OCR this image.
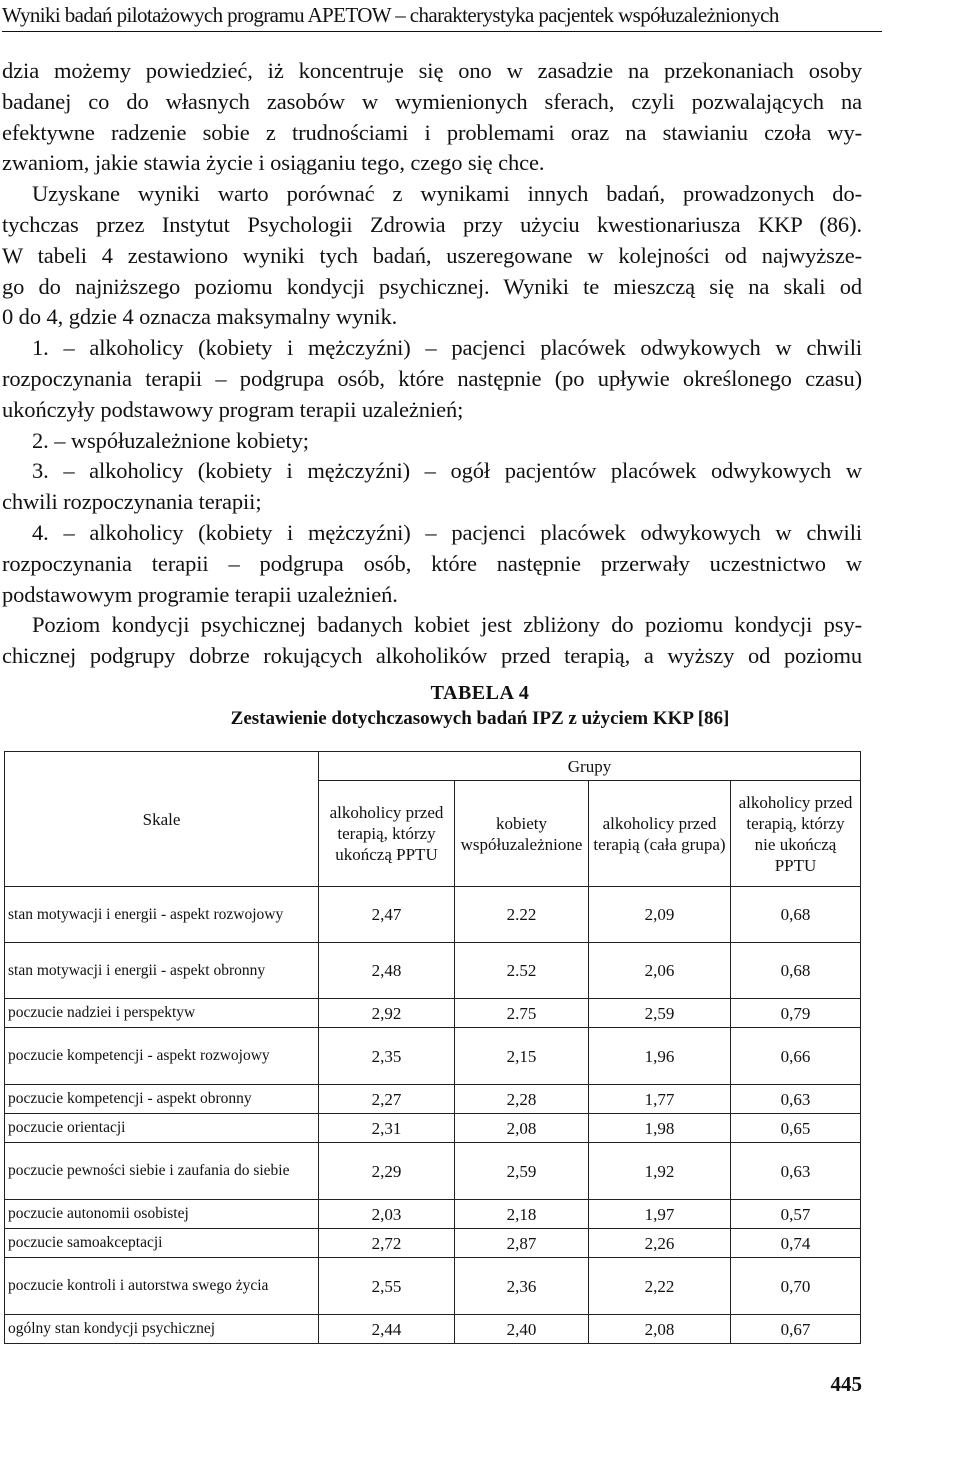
Wyniki badań pilotażowych programu APETOW – charakterystyka pacjentek współuzależnionych
dzia możemy powiedzieć, iż koncentruje się ono w zasadzie na przekonaniach osoby
badanej co do własnych zasobów w wymienionych sferach, czyli pozwalających na
efektywne radzenie sobie z trudnościami i problemami oraz na stawianiu czoła wy-
zwaniom, jakie stawia życie i osiąganiu tego, czego się chce.
Uzyskane wyniki warto porównać z wynikami innych badań, prowadzonych do-
tychczas przez Instytut Psychologii Zdrowia przy użyciu kwestionariusza KKP (86).
W tabeli 4 zestawiono wyniki tych badań, uszeregowane w kolejności od najwyższe-
go do najniższego poziomu kondycji psychicznej. Wyniki te mieszczą się na skali od
0 do 4, gdzie 4 oznacza maksymalny wynik.
1. – alkoholicy (kobiety i mężczyźni) – pacjenci placówek odwykowych w chwili
rozpoczynania terapii – podgrupa osób, które następnie (po upływie określonego czasu)
ukończyły podstawowy program terapii uzależnień;
2. – współuzależnione kobiety;
3. – alkoholicy (kobiety i mężczyźni) – ogół pacjentów placówek odwykowych w
chwili rozpoczynania terapii;
4. – alkoholicy (kobiety i mężczyźni) – pacjenci placówek odwykowych w chwili
rozpoczynania terapii – podgrupa osób, które następnie przerwały uczestnictwo w
podstawowym programie terapii uzależnień.
Poziom kondycji psychicznej badanych kobiet jest zbliżony do poziomu kondycji psy-
chicznej podgrupy dobrze rokujących alkoholików przed terapią, a wyższy od poziomu
TABELA 4
Zestawienie dotychczasowych badań IPZ z użyciem KKP [86]
Skale	Grupy			
	alkoholicy przed terapią, którzy ukończą PPTU	kobiety współuzależnione	alkoholicy przed terapią (cała grupa)	alkoholicy przed terapią, którzy nie ukończą PPTU
stan motywacji i energii - aspekt rozwojowy	2,47	2.22	2,09	0,68
stan motywacji i energii - aspekt obronny	2,48	2.52	2,06	0,68
poczucie nadziei i perspektyw	2,92	2.75	2,59	0,79
poczucie kompetencji - aspekt rozwojowy	2,35	2,15	1,96	0,66
poczucie kompetencji - aspekt obronny	2,27	2,28	1,77	0,63
poczucie orientacji	2,31	2,08	1,98	0,65
poczucie pewności siebie i zaufania do siebie	2,29	2,59	1,92	0,63
poczucie autonomii osobistej	2,03	2,18	1,97	0,57
poczucie samoakceptacji	2,72	2,87	2,26	0,74
poczucie kontroli i autorstwa swego życia	2,55	2,36	2,22	0,70
ogólny stan kondycji psychicznej	2,44	2,40	2,08	0,67
445
